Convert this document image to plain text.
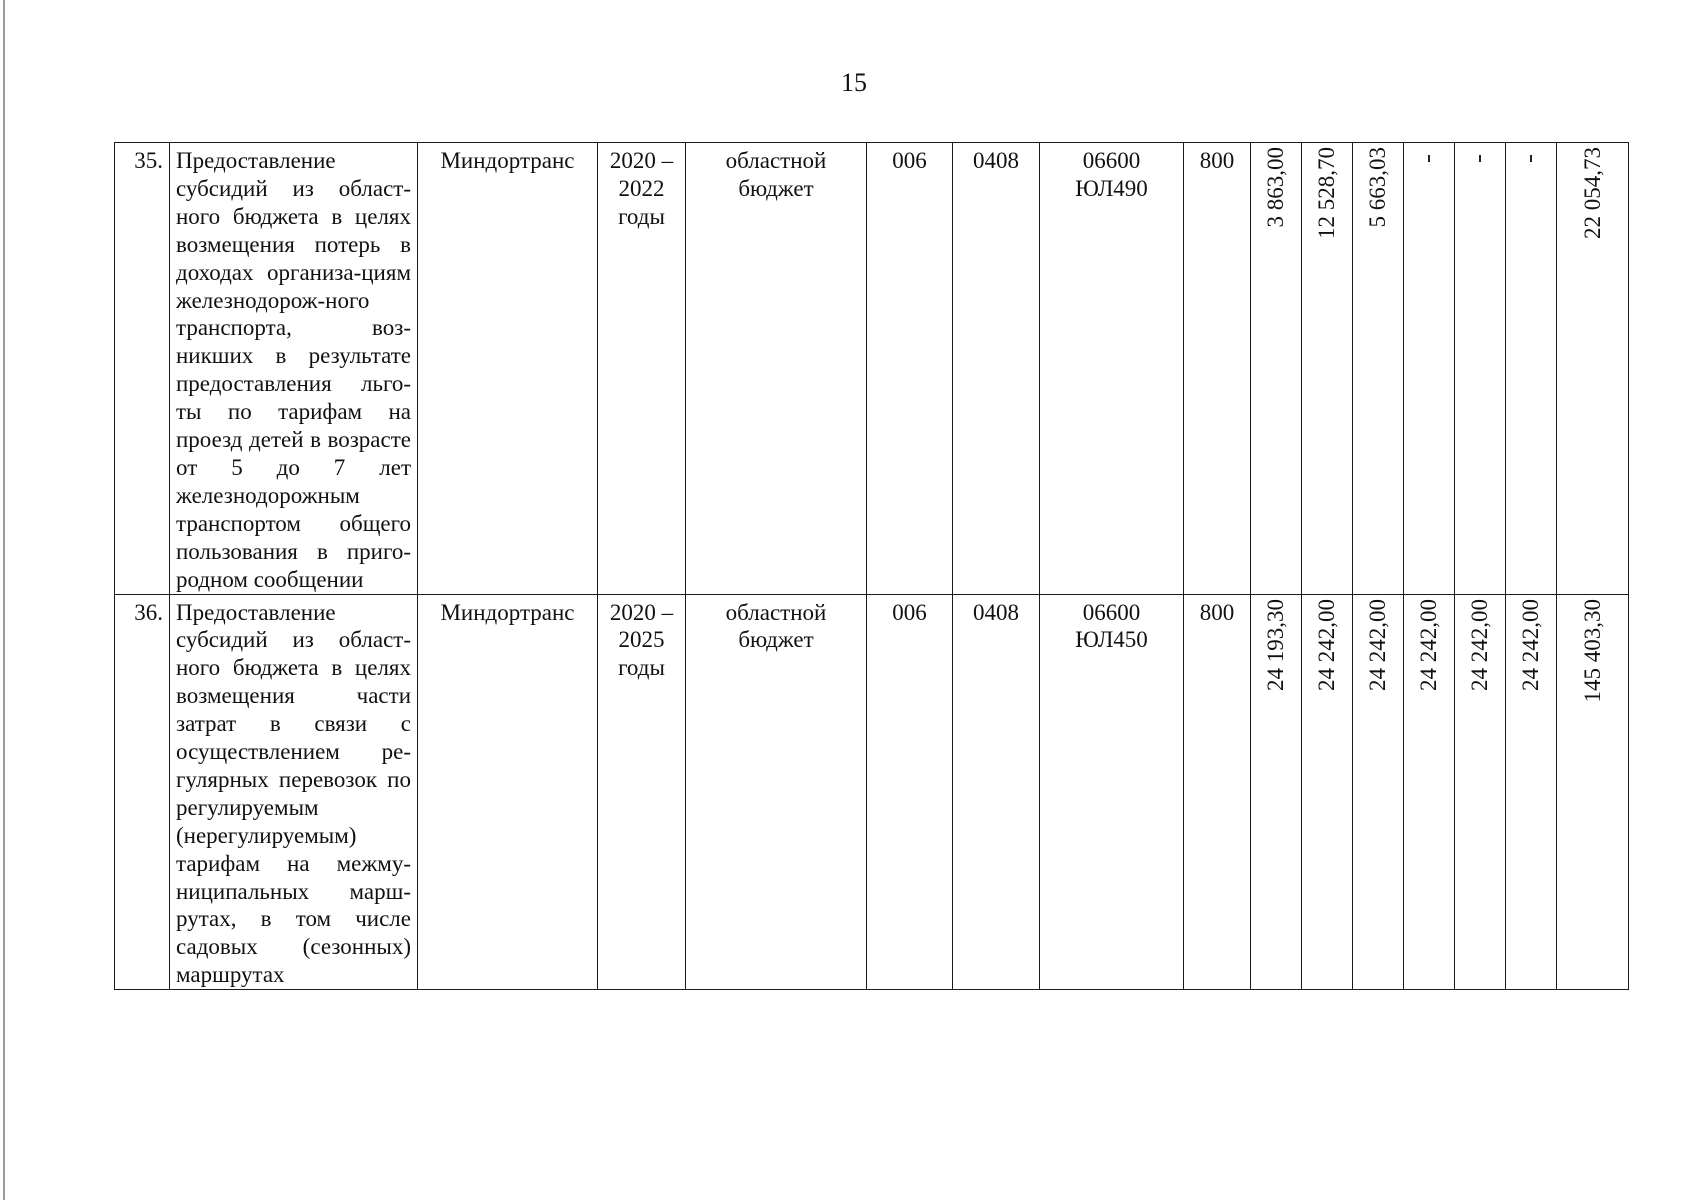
15
35.	Предоставление субсидий из област-ного бюджета в целях возмещения потерь в доходах организа-циям железнодорож-ного транспорта, воз-никших в результате предоставления льго-ты по тарифам на проезд детей в возрасте от 5 до 7 лет железнодорожным транспортом общего пользования в приго-родном сообщении	Миндортранс	2020 – 2022 годы	областной бюджет	006	0408	06600 ЮЛ490	800	3 863,00	12 528,70	5 663,03				22 054,73
36.	Предоставление субсидий из област-ного бюджета в целях возмещения части затрат в связи с осуществлением ре-гулярных перевозок по регулируемым (нерегулируемым) тарифам на межму-ниципальных марш-рутах, в том числе садовых (сезонных) маршрутах	Миндортранс	2020 – 2025 годы	областной бюджет	006	0408	06600 ЮЛ450	800	24 193,30	24 242,00	24 242,00	24 242,00	24 242,00	24 242,00	145 403,30
